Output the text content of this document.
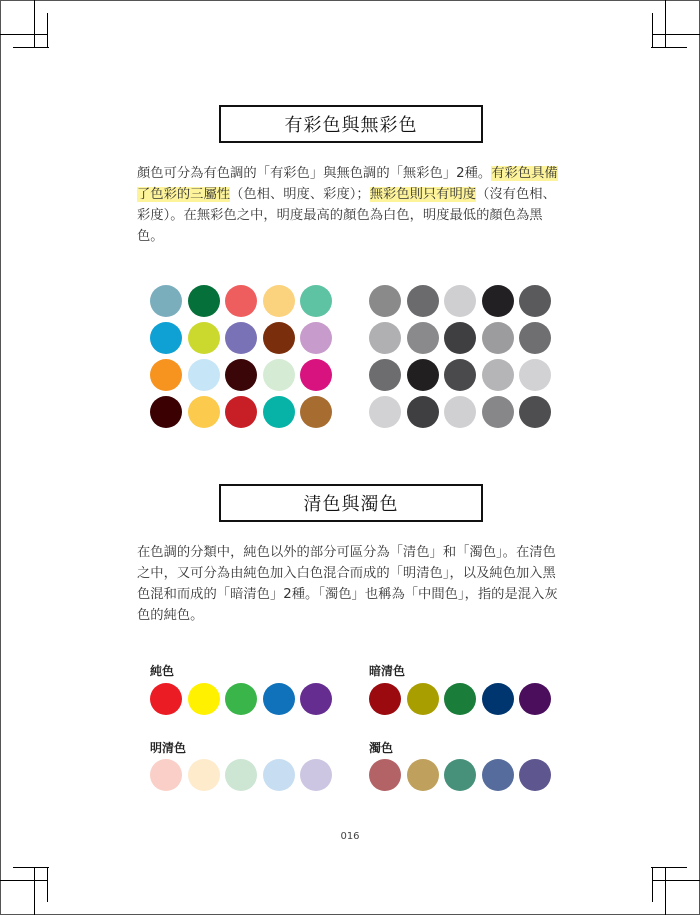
有彩色與無彩色

顏色可分為有色調的「有彩色」與無色調的「無彩色」2種。有彩色具備了色彩的三屬性（色相、明度、彩度）；無彩色則只有明度（沒有色相、彩度）。在無彩色之中，明度最高的顏色為白色，明度最低的顏色為黑色。

清色與濁色

在色調的分類中，純色以外的部分可區分為「清色」和「濁色」。在清色之中，又可分為由純色加入白色混合而成的「明清色」，以及純色加入黑色混和而成的「暗清色」2種。「濁色」也稱為「中間色」，指的是混入灰色的純色。

純色	暗清色
明清色	濁色
016
